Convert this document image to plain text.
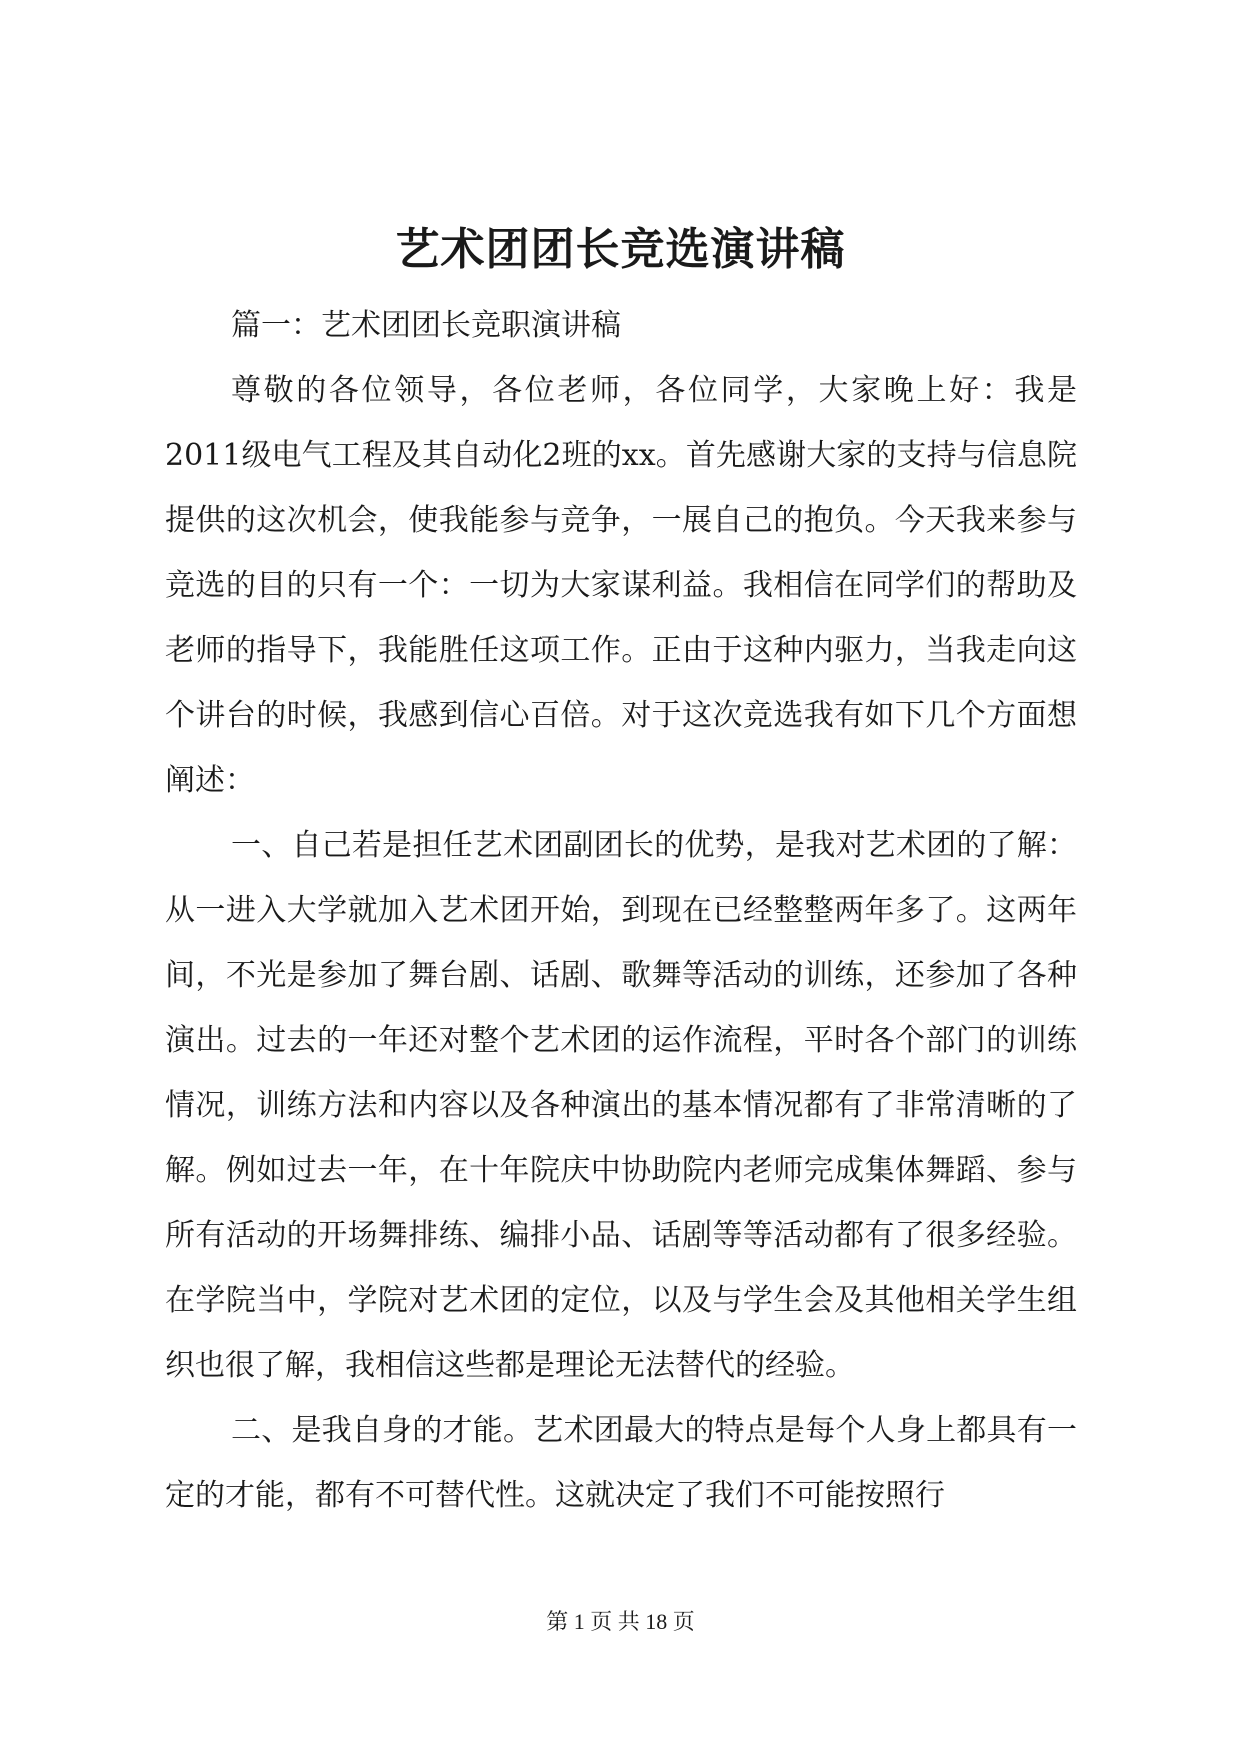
艺术团团长竞选演讲稿

篇一：艺术团团长竞职演讲稿

尊敬的各位领导，各位老师，各位同学，大家晚上好：我是2011级电气工程及其自动化2班的xx。首先感谢大家的支持与信息院提供的这次机会，使我能参与竞争，一展自己的抱负。今天我来参与竞选的目的只有一个：一切为大家谋利益。我相信在同学们的帮助及老师的指导下，我能胜任这项工作。正由于这种内驱力，当我走向这个讲台的时候，我感到信心百倍。对于这次竞选我有如下几个方面想阐述：

一、自己若是担任艺术团副团长的优势，是我对艺术团的了解：从一进入大学就加入艺术团开始，到现在已经整整两年多了。这两年间，不光是参加了舞台剧、话剧、歌舞等活动的训练，还参加了各种演出。过去的一年还对整个艺术团的运作流程，平时各个部门的训练情况，训练方法和内容以及各种演出的基本情况都有了非常清晰的了解。例如过去一年，在十年院庆中协助院内老师完成集体舞蹈、参与所有活动的开场舞排练、编排小品、话剧等等活动都有了很多经验。在学院当中，学院对艺术团的定位，以及与学生会及其他相关学生组织也很了解，我相信这些都是理论无法替代的经验。

二、是我自身的才能。艺术团最大的特点是每个人身上都具有一定的才能，都有不可替代性。这就决定了我们不可能按照行

第 1 页 共 18 页
